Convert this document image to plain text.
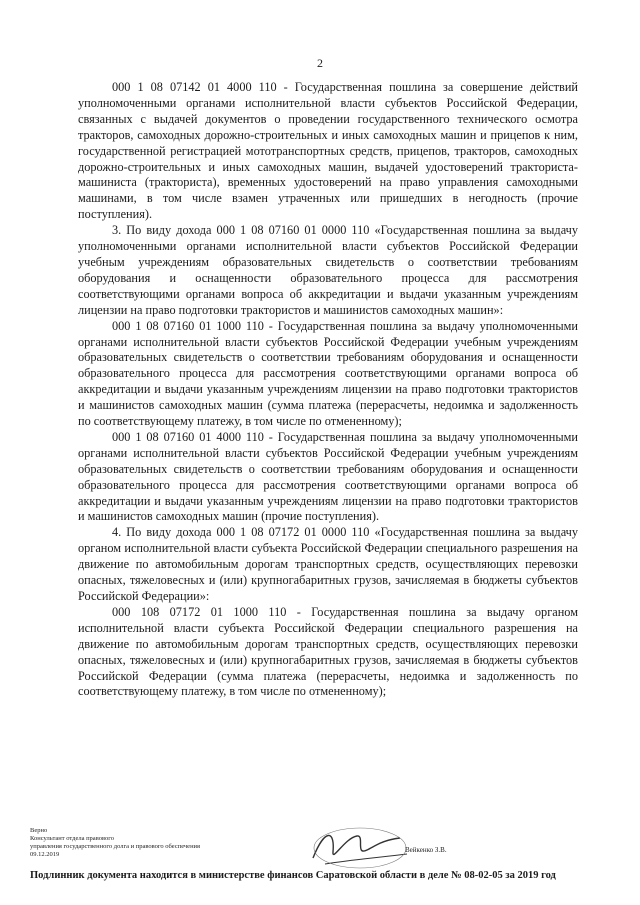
2

000 1 08 07142 01 4000 110 - Государственная пошлина за совершение действий уполномоченными органами исполнительной власти субъектов Российской Федерации, связанных с выдачей документов о проведении государственного технического осмотра тракторов, самоходных дорожно-строительных и иных самоходных машин и прицепов к ним, государственной регистрацией мототранспортных средств, прицепов, тракторов, самоходных дорожно-строительных и иных самоходных машин, выдачей удостоверений тракториста-машиниста (тракториста), временных удостоверений на право управления самоходными машинами, в том числе взамен утраченных или пришедших в негодность (прочие поступления).

3. По виду дохода 000 1 08 07160 01 0000 110 «Государственная пошлина за выдачу уполномоченными органами исполнительной власти субъектов Российской Федерации учебным учреждениям образовательных свидетельств о соответствии требованиям оборудования и оснащенности образовательного процесса для рассмотрения соответствующими органами вопроса об аккредитации и выдачи указанным учреждениям лицензии на право подготовки трактористов и машинистов самоходных машин»:

000 1 08 07160 01 1000 110 - Государственная пошлина за выдачу уполномоченными органами исполнительной власти субъектов Российской Федерации учебным учреждениям образовательных свидетельств о соответствии требованиям оборудования и оснащенности образовательного процесса для рассмотрения соответствующими органами вопроса об аккредитации и выдачи указанным учреждениям лицензии на право подготовки трактористов и машинистов самоходных машин (сумма платежа (перерасчеты, недоимка и задолженность по соответствующему платежу, в том числе по отмененному);

000 1 08 07160 01 4000 110 - Государственная пошлина за выдачу уполномоченными органами исполнительной власти субъектов Российской Федерации учебным учреждениям образовательных свидетельств о соответствии требованиям оборудования и оснащенности образовательного процесса для рассмотрения соответствующими органами вопроса об аккредитации и выдачи указанным учреждениям лицензии на право подготовки трактористов и машинистов самоходных машин (прочие поступления).

4. По виду дохода 000 1 08 07172 01 0000 110 «Государственная пошлина за выдачу органом исполнительной власти субъекта Российской Федерации специального разрешения на движение по автомобильным дорогам транспортных средств, осуществляющих перевозки опасных, тяжеловесных и (или) крупногабаритных грузов, зачисляемая в бюджеты субъектов Российской Федерации»:

000 108 07172 01 1000 110 - Государственная пошлина за выдачу органом исполнительной власти субъекта Российской Федерации специального разрешения на движение по автомобильным дорогам транспортных средств, осуществляющих перевозки опасных, тяжеловесных и (или) крупногабаритных грузов, зачисляемая в бюджеты субъектов Российской Федерации (сумма платежа (перерасчеты, недоимка и задолженность по соответствующему платежу, в том числе по отмененному);

Верно
Консультант отдела правового
управления государственного долга и правового обеспечения
09.12.2019
Вейкенко З.В.
Подлинник документа находится в министерстве финансов Саратовской области в деле № 08-02-05 за 2019 год
